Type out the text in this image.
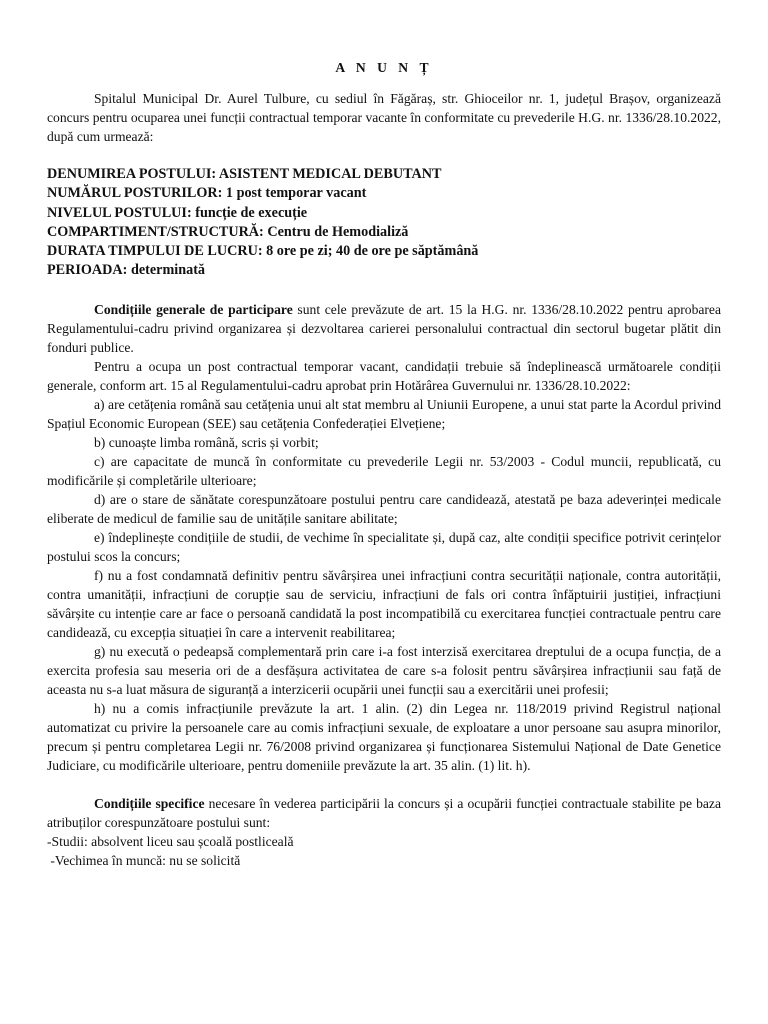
A N U N Ț

Spitalul Municipal Dr. Aurel Tulbure, cu sediul în Făgăraș, str. Ghioceilor nr. 1, județul Brașov, organizează concurs pentru ocuparea unei funcții contractual temporar vacante în conformitate cu prevederile H.G. nr. 1336/28.10.2022, după cum urmează:

DENUMIREA POSTULUI: ASISTENT MEDICAL DEBUTANT

NUMĂRUL POSTURILOR: 1 post temporar vacant

NIVELUL POSTULUI: funcție de execuție

COMPARTIMENT/STRUCTURĂ: Centru de Hemodializă

DURATA TIMPULUI DE LUCRU: 8 ore pe zi; 40 de ore pe săptămână

PERIOADA: determinată

Condițiile generale de participare sunt cele prevăzute de art. 15 la H.G. nr. 1336/28.10.2022 pentru aprobarea Regulamentului-cadru privind organizarea și dezvoltarea carierei personalului contractual din sectorul bugetar plătit din fonduri publice.

Pentru a ocupa un post contractual temporar vacant, candidații trebuie să îndeplinească următoarele condiții generale, conform art. 15 al Regulamentului-cadru aprobat prin Hotărârea Guvernului nr. 1336/28.10.2022:

a) are cetățenia română sau cetățenia unui alt stat membru al Uniunii Europene, a unui stat parte la Acordul privind Spațiul Economic European (SEE) sau cetățenia Confederației Elvețiene;

b) cunoaște limba română, scris și vorbit;

c) are capacitate de muncă în conformitate cu prevederile Legii nr. 53/2003 - Codul muncii, republicată, cu modificările și completările ulterioare;

d) are o stare de sănătate corespunzătoare postului pentru care candidează, atestată pe baza adeverinței medicale eliberate de medicul de familie sau de unitățile sanitare abilitate;

e) îndeplinește condițiile de studii, de vechime în specialitate și, după caz, alte condiții specifice potrivit cerințelor postului scos la concurs;

f) nu a fost condamnată definitiv pentru săvârșirea unei infracțiuni contra securității naționale, contra autorității, contra umanității, infracțiuni de corupție sau de serviciu, infracțiuni de fals ori contra înfăptuirii justiției, infracțiuni săvârșite cu intenție care ar face o persoană candidată la post incompatibilă cu exercitarea funcției contractuale pentru care candidează, cu excepția situației în care a intervenit reabilitarea;

g) nu execută o pedeapsă complementară prin care i-a fost interzisă exercitarea dreptului de a ocupa funcția, de a exercita profesia sau meseria ori de a desfășura activitatea de care s-a folosit pentru săvârșirea infracțiunii sau față de aceasta nu s-a luat măsura de siguranță a interzicerii ocupării unei funcții sau a exercitării unei profesii;

h) nu a comis infracțiunile prevăzute la art. 1 alin. (2) din Legea nr. 118/2019 privind Registrul național automatizat cu privire la persoanele care au comis infracțiuni sexuale, de exploatare a unor persoane sau asupra minorilor, precum și pentru completarea Legii nr. 76/2008 privind organizarea și funcționarea Sistemului Național de Date Genetice Judiciare, cu modificările ulterioare, pentru domeniile prevăzute la art. 35 alin. (1) lit. h).

Condițiile specifice necesare în vederea participării la concurs și a ocupării funcției contractuale stabilite pe baza atribuților corespunzătoare postului sunt:

-Studii: absolvent liceu sau școală postliceală

-Vechimea în muncă: nu se solicită
